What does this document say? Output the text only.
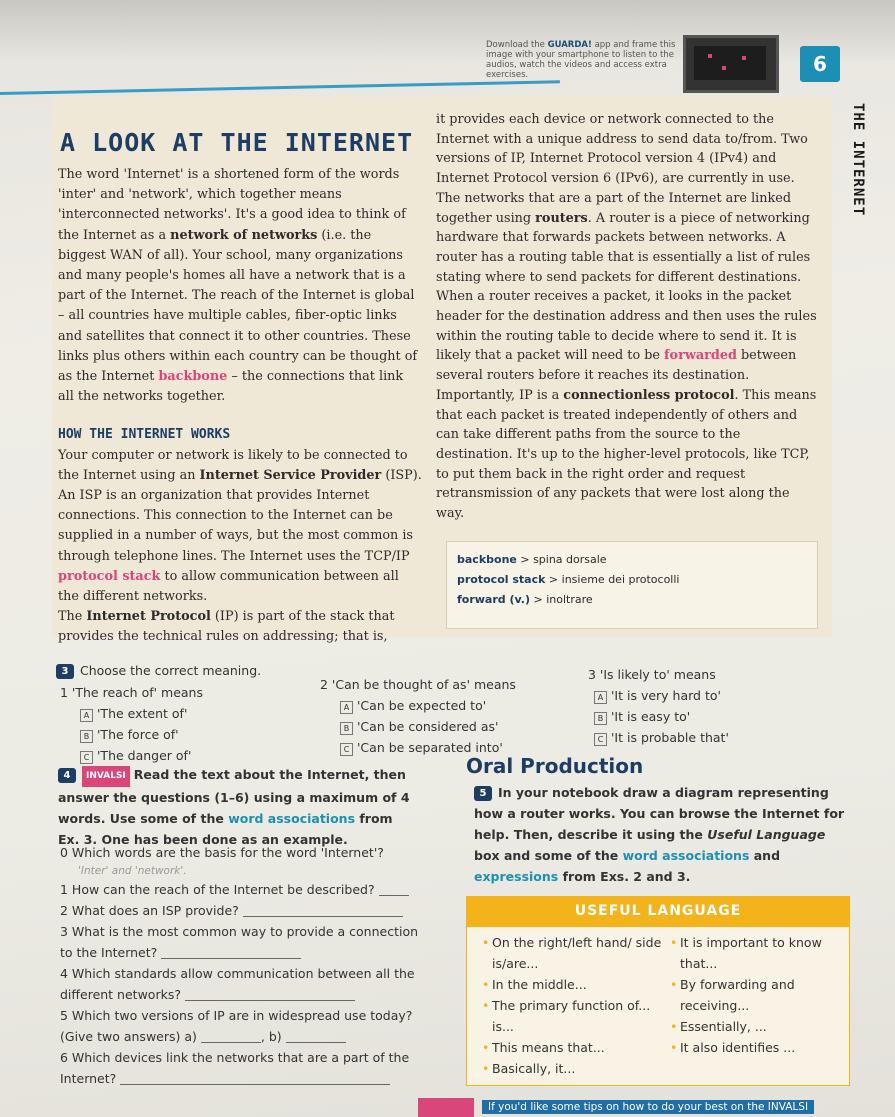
Download the GUARDA! app and frame this image with your smartphone to listen to the audios, watch the videos and access extra exercises.	6
THE INTERNET
A LOOK AT THE INTERNET
The word 'Internet' is a shortened form of the words 'inter' and 'network', which together means 'interconnected networks'. It's a good idea to think of the Internet as a network of networks (i.e. the biggest WAN of all). Your school, many organizations and many people's homes all have a network that is a part of the Internet. The reach of the Internet is global – all countries have multiple cables, fiber-optic links and satellites that connect it to other countries. These links plus others within each country can be thought of as the Internet backbone – the connections that link all the networks together.
HOW THE INTERNET WORKS
Your computer or network is likely to be connected to the Internet using an Internet Service Provider (ISP). An ISP is an organization that provides Internet connections. This connection to the Internet can be supplied in a number of ways, but the most common is through telephone lines. The Internet uses the TCP/IP protocol stack to allow communication between all the different networks.
The Internet Protocol (IP) is part of the stack that provides the technical rules on addressing; that is,
it provides each device or network connected to the Internet with a unique address to send data to/from. Two versions of IP, Internet Protocol version 4 (IPv4) and Internet Protocol version 6 (IPv6), are currently in use. The networks that are a part of the Internet are linked together using routers. A router is a piece of networking hardware that forwards packets between networks. A router has a routing table that is essentially a list of rules stating where to send packets for different destinations. When a router receives a packet, it looks in the packet header for the destination address and then uses the rules within the routing table to decide where to send it. It is likely that a packet will need to be forwarded between several routers before it reaches its destination.
Importantly, IP is a connectionless protocol. This means that each packet is treated independently of others and can take different paths from the source to the destination. It's up to the higher-level protocols, like TCP, to put them back in the right order and request retransmission of any packets that were lost along the way.
backbone > spina dorsale
protocol stack > insieme dei protocolli
forward (v.) > inoltrare
3 Choose the correct meaning.
1 'The reach of' means
A 'The extent of'
B 'The force of'
C 'The danger of'
2 'Can be thought of as' means
A 'Can be expected to'
B 'Can be considered as'
C 'Can be separated into'
3 'Is likely to' means
A 'It is very hard to'
B 'It is easy to'
C 'It is probable that'
4 INVALSI Read the text about the Internet, then answer the questions (1–6) using a maximum of 4 words. Use some of the word associations from Ex. 3. One has been done as an example.
0 Which words are the basis for the word 'Internet'?
'Inter' and 'network'.
1 How can the reach of the Internet be described?
2 What does an ISP provide?
3 What is the most common way to provide a connection to the Internet?
4 Which standards allow communication between all the different networks?
5 Which two versions of IP are in widespread use today? (Give two answers) a)	, b)
6 Which devices link the networks that are a part of the Internet?
Oral Production
5 In your notebook draw a diagram representing how a router works. You can browse the Internet for help. Then, describe it using the Useful Language box and some of the word associations and expressions from Exs. 2 and 3.
USEFUL LANGUAGE
• On the right/left hand/ side is/are...
• In the middle...
• The primary function of... is...
• This means that...
• Basically, it...
• It is important to know that...
• By forwarding and receiving...
• Essentially, ...
• It also identifies ...
If you'd like some tips on how to do your best on the INVALSI
